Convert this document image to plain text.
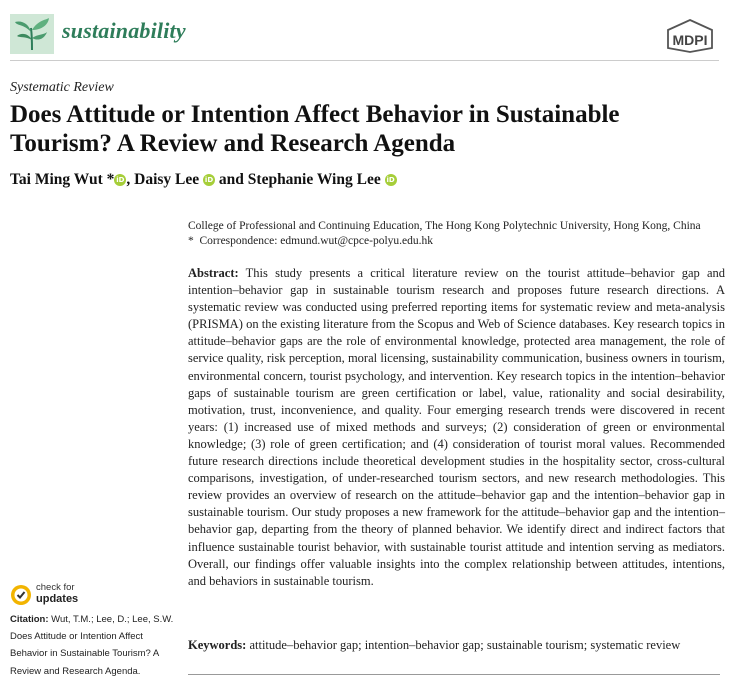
sustainability	MDPI
Systematic Review
Does Attitude or Intention Affect Behavior in Sustainable Tourism? A Review and Research Agenda
Tai Ming Wut * iD , Daisy Lee iD and Stephanie Wing Lee iD
College of Professional and Continuing Education, The Hong Kong Polytechnic University, Hong Kong, China
* Correspondence: edmund.wut@cpce-polyu.edu.hk
Abstract: This study presents a critical literature review on the tourist attitude–behavior gap and intention–behavior gap in sustainable tourism research and proposes future research directions. A systematic review was conducted using preferred reporting items for systematic review and meta-analysis (PRISMA) on the existing literature from the Scopus and Web of Science databases. Key research topics in attitude–behavior gaps are the role of environmental knowledge, protected area management, the role of service quality, risk perception, moral licensing, sustainability communication, business owners in tourism, environmental concern, tourist psychology, and intervention. Key research topics in the intention–behavior gaps of sustainable tourism are green certification or label, value, rationality and social desirability, motivation, trust, inconvenience, and quality. Four emerging research trends were discovered in recent years: (1) increased use of mixed methods and surveys; (2) consideration of green or environmental knowledge; (3) role of green certification; and (4) consideration of tourist moral values. Recommended future research directions include theoretical development studies in the hospitality sector, cross-cultural comparisons, investigation, of under-researched tourism sectors, and new research methodologies. This review provides an overview of research on the attitude–behavior gap and the intention–behavior gap in sustainable tourism. Our study proposes a new framework for the attitude–behavior gap and the intention–behavior gap, departing from the theory of planned behavior. We identify direct and indirect factors that influence sustainable tourist behavior, with sustainable tourist attitude and intention serving as mediators. Overall, our findings offer valuable insights into the complex relationship between attitudes, intentions, and behaviors in sustainable tourism.
Keywords: attitude–behavior gap; intention–behavior gap; sustainable tourism; systematic review
check for
updates
Citation: Wut, T.M.; Lee, D.; Lee, S.W. Does Attitude or Intention Affect Behavior in Sustainable Tourism? A Review and Research Agenda.
